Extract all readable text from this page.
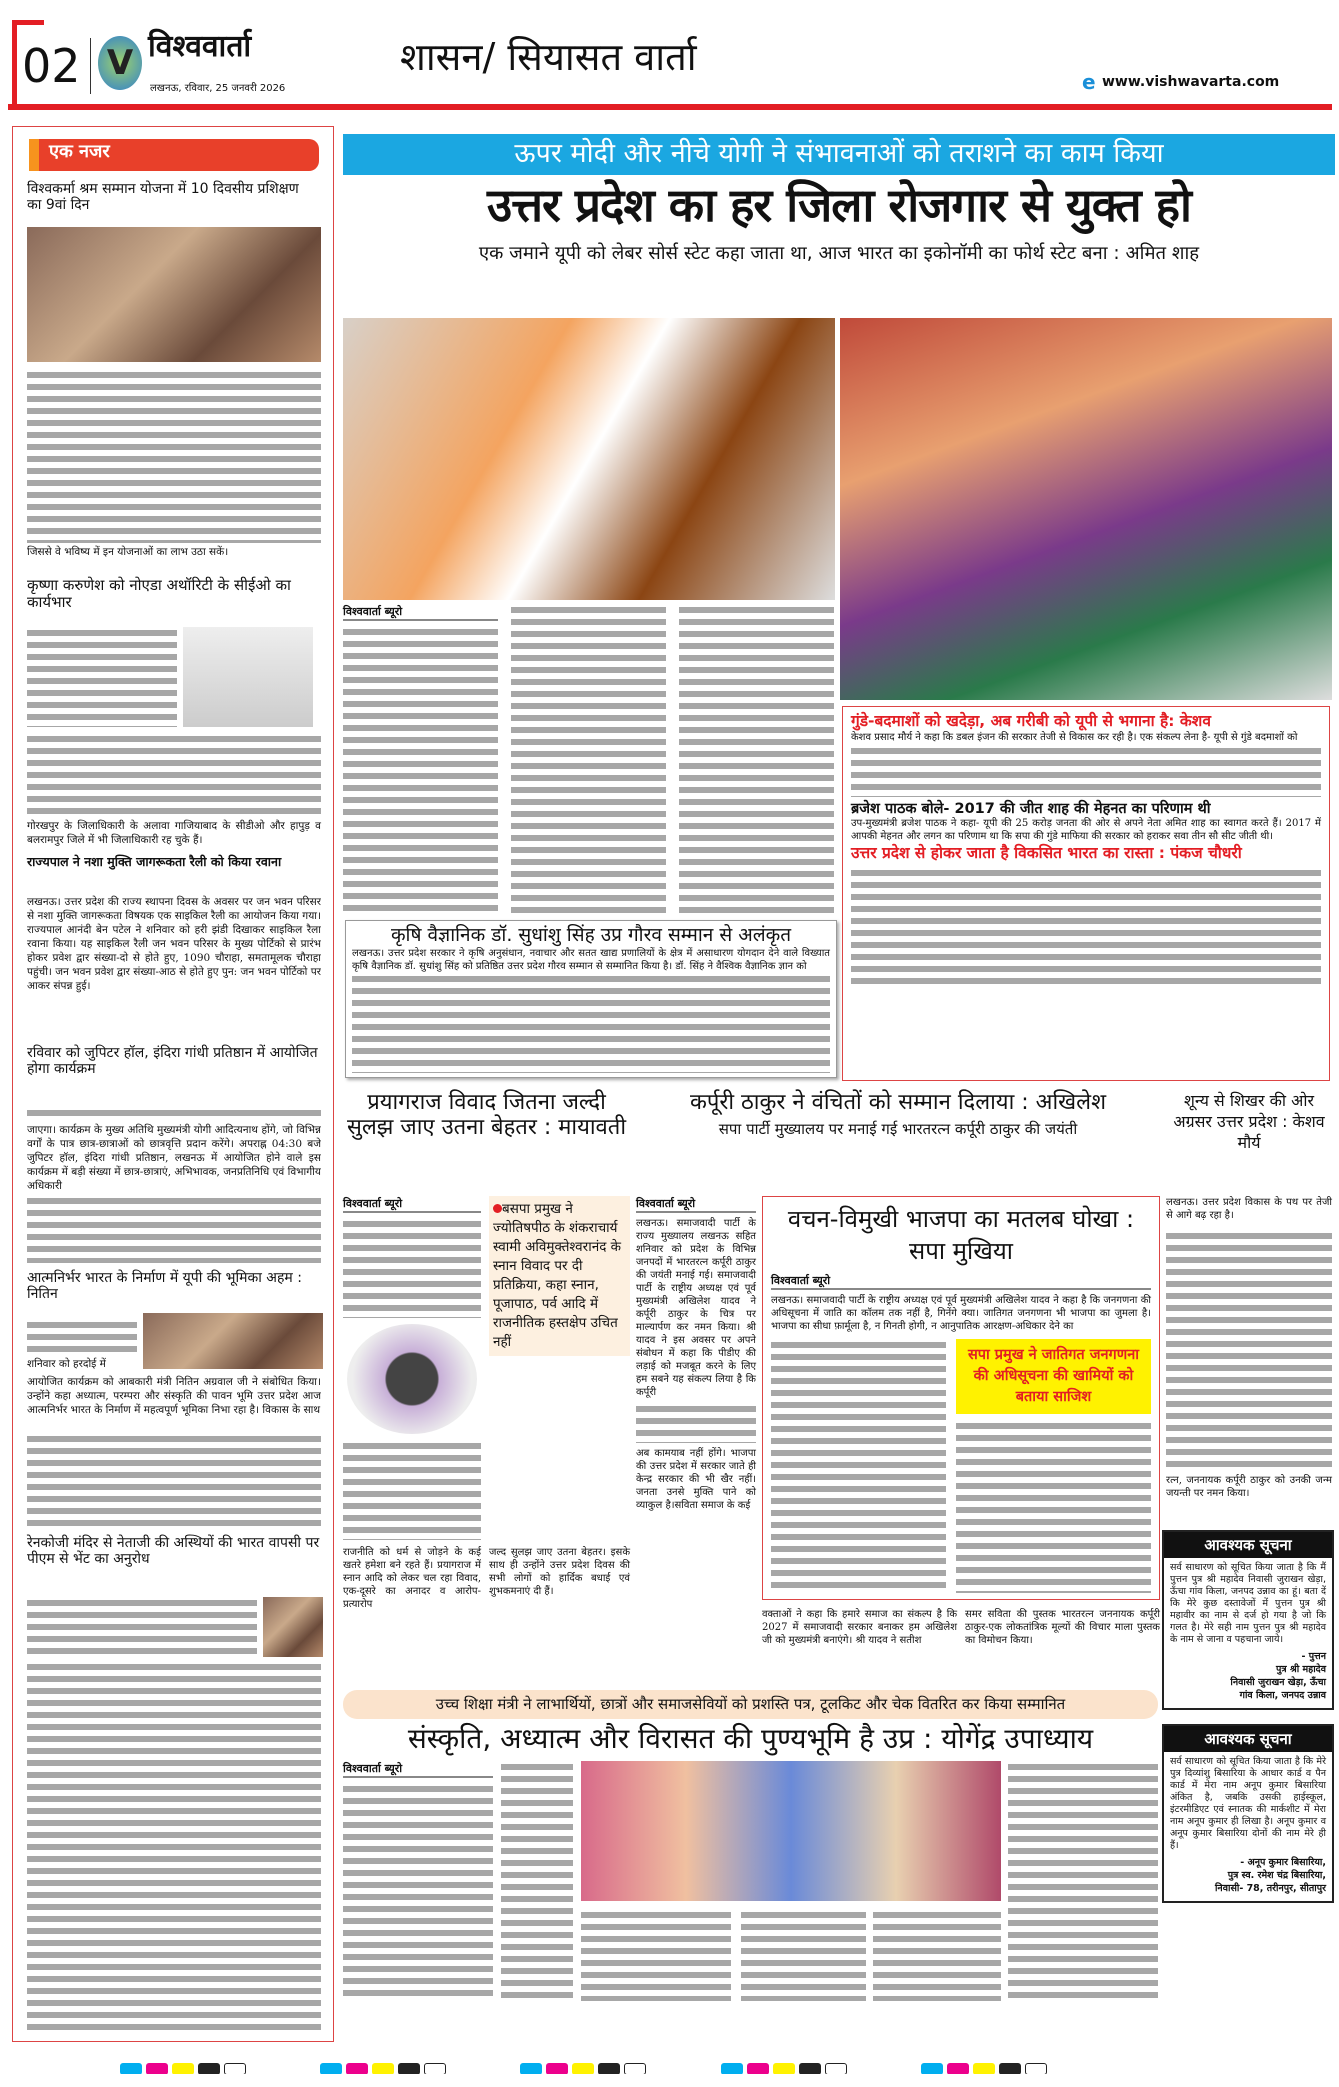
02 V विश्ववार्ता
लखनऊ, रविवार, 25 जनवरी 2026
शासन/ सियासत वार्ता
e www.vishwavarta.com
एक नजर
विश्वकर्मा श्रम सम्मान योजना में 10 दिवसीय प्रशिक्षण का 9वां दिन
जिससे वे भविष्य में इन योजनाओं का लाभ उठा सकें।
कृष्णा करुणेश को नोएडा अथॉरिटी के सीईओ का कार्यभार
गोरखपुर के जिलाधिकारी के अलावा गाजियाबाद के सीडीओ और हापुड़ व बलरामपुर जिले में भी जिलाधिकारी रह चुके हैं।
राज्यपाल ने नशा मुक्ति जागरूकता रैली को किया रवाना
लखनऊ। उत्तर प्रदेश की राज्य स्थापना दिवस के अवसर पर जन भवन परिसर से नशा मुक्ति जागरूकता विषयक एक साइकिल रैली का आयोजन किया गया। राज्यपाल आनंदी बेन पटेल ने शनिवार को हरी झंडी दिखाकर साइकिल रैला रवाना किया। यह साइकिल रैली जन भवन परिसर के मुख्य पोर्टिको से प्रारंभ होकर प्रवेश द्वार संख्या-दो से होते हुए, 1090 चौराहा, समतामूलक चौराहा पहुंची। जन भवन प्रवेश द्वार संख्या-आठ से होते हुए पुन: जन भवन पोर्टिको पर आकर संपन्न हुई।
रविवार को जुपिटर हॉल, इंदिरा गांधी प्रतिष्ठान में आयोजित होगा कार्यक्रम
जाएगा। कार्यक्रम के मुख्य अतिथि मुख्यमंत्री योगी आदित्यनाथ होंगे, जो विभिन्न वर्गों के पात्र छात्र-छात्राओं को छात्रवृत्ति प्रदान करेंगे। अपराह्न 04:30 बजे जुपिटर हॉल, इंदिरा गांधी प्रतिष्ठान, लखनऊ में आयोजित होने वाले इस कार्यक्रम में बड़ी संख्या में छात्र-छात्राएं, अभिभावक, जनप्रतिनिधि एवं विभागीय अधिकारी
आत्मनिर्भर भारत के निर्माण में यूपी की भूमिका अहम : नितिन
शनिवार को हरदोई में
आयोजित कार्यक्रम को आबकारी मंत्री नितिन अग्रवाल जी ने संबोधित किया। उन्होंने कहा अध्यात्म, परम्परा और संस्कृति की पावन भूमि उत्तर प्रदेश आज आत्मनिर्भर भारत के निर्माण में महत्वपूर्ण भूमिका निभा रहा है। विकास के साथ
रेनकोजी मंदिर से नेताजी की अस्थियों की भारत वापसी पर पीएम से भेंट का अनुरोध
ऊपर मोदी और नीचे योगी ने संभावनाओं को तराशने का काम किया
उत्तर प्रदेश का हर जिला रोजगार से युक्त हो
एक जमाने यूपी को लेबर सोर्स स्टेट कहा जाता था, आज भारत का इकोनॉमी का फोर्थ स्टेट बना : अमित शाह
विश्ववार्ता ब्यूरो
गुंडे-बदमाशों को खदेड़ा, अब गरीबी को यूपी से भगाना है: केशव
केशव प्रसाद मौर्य ने कहा कि डबल इंजन की सरकार तेजी से विकास कर रही है। एक संकल्प लेना है- यूपी से गुंडे बदमाशों को
ब्रजेश पाठक बोले- 2017 की जीत शाह की मेहनत का परिणाम थी
उप-मुख्यमंत्री ब्रजेश पाठक ने कहा- यूपी की 25 करोड़ जनता की ओर से अपने नेता अमित शाह का स्वागत करते हैं। 2017 में आपकी मेहनत और लगन का परिणाम था कि सपा की गुंडे माफिया की सरकार को हराकर सवा तीन सौ सीट जीती थी।
उत्तर प्रदेश से होकर जाता है विकसित भारत का रास्ता : पंकज चौधरी
कृषि वैज्ञानिक डॉ. सुधांशु सिंह उप्र गौरव सम्मान से अलंकृत
लखनऊ। उत्तर प्रदेश सरकार ने कृषि अनुसंधान, नवाचार और सतत खाद्य प्रणालियों के क्षेत्र में असाधारण योगदान देने वाले विख्यात कृषि वैज्ञानिक डॉ. सुधांशु सिंह को प्रतिष्ठित उत्तर प्रदेश गौरव सम्मान से सम्मानित किया है। डॉ. सिंह ने वैश्विक वैज्ञानिक ज्ञान को
प्रयागराज विवाद जितना जल्दी सुलझ जाए उतना बेहतर : मायावती
विश्ववार्ता ब्यूरो	बसपा प्रमुख ने ज्योतिषपीठ के शंकराचार्य स्वामी अविमुक्तेश्वरानंद के स्नान विवाद पर दी प्रतिक्रिया, कहा स्नान, पूजापाठ, पर्व आदि में राजनीतिक हस्तक्षेप उचित नहीं
राजनीति को धर्म से जोड़ने के कई खतरे हमेशा बने रहते हैं। प्रयागराज में स्नान आदि को लेकर चल रहा विवाद, एक-दूसरे का अनादर व आरोप-प्रत्यारोप
जल्द सुलझ जाए उतना बेहतर। इसके साथ ही उन्होंने उत्तर प्रदेश दिवस की सभी लोगों को हार्दिक बधाई एवं शुभकमनाएं दी हैं।
कर्पूरी ठाकुर ने वंचितों को सम्मान दिलाया : अखिलेश
सपा पार्टी मुख्यालय पर मनाई गई भारतरत्न कर्पूरी ठाकुर की जयंती
विश्ववार्ता ब्यूरो
लखनऊ। समाजवादी पार्टी के राज्य मुख्यालय लखनऊ सहित शनिवार को प्रदेश के विभिन्न जनपदों में भारतरत्न कर्पूरी ठाकुर की जयंती मनाई गई। समाजवादी पार्टी के राष्ट्रीय अध्यक्ष एवं पूर्व मुख्यमंत्री अखिलेश यादव ने कर्पूरी ठाकुर के चित्र पर माल्यार्पण कर नमन किया। श्री यादव ने इस अवसर पर अपने संबोधन में कहा कि पीडीए की लड़ाई को मजबूत करने के लिए हम सबने यह संकल्प लिया है कि कर्पूरी
अब कामयाब नहीं होंगे। भाजपा की उत्तर प्रदेश में सरकार जाते ही केन्द्र सरकार की भी खैर नहीं। जनता उनसे मुक्ति पाने को व्याकुल है।सविता समाज के कई
वचन-विमुखी भाजपा का मतलब घोखा : सपा मुखिया
विश्ववार्ता ब्यूरो
लखनऊ। समाजवादी पार्टी के राष्ट्रीय अध्यक्ष एवं पूर्व मुख्यमंत्री अखिलेश यादव ने कहा है कि जनगणना की अधिसूचना में जाति का कॉलम तक नहीं है, गिनेंगे क्या। जातिगत जनगणना भी भाजपा का जुमला है। भाजपा का सीधा फ़ार्मूला है, न गिनती होगी, न आनुपातिक आरक्षण-अधिकार देने का
सपा प्रमुख ने जातिगत जनगणना की अधिसूचना की खामियों को बताया साजिश
वक्ताओं ने कहा कि हमारे समाज का संकल्प है कि 2027 में समाजवादी सरकार बनाकर हम अखिलेश जी को मुख्यमंत्री बनाएंगे। श्री यादव ने सतीश
समर सविता की पुस्तक भारतरत्न जननायक कर्पूरी ठाकुर-एक लोकतांत्रिक मूल्यों की विचार माला पुस्तक का विमोचन किया।
शून्य से शिखर की ओर अग्रसर उत्तर प्रदेश : केशव मौर्य
लखनऊ। उत्तर प्रदेश विकास के पथ पर तेजी से आगे बढ़ रहा है।
रत्न, जननायक कर्पूरी ठाकुर को उनकी जन्म जयन्ती पर नमन किया।
आवश्यक सूचना

सर्व साधारण को सूचित किया जाता है कि मैं पुत्तन पुत्र श्री महादेव निवासी जुराखन खेड़ा, ऊँचा गांव किला, जनपद उन्नाव का हूं। बता दें कि मेरे कुछ दस्तावेजों में पुत्तन पुत्र श्री महावीर का नाम से दर्ज हो गया है जो कि गलत है। मेरे सही नाम पुत्तन पुत्र श्री महादेव के नाम से जाना व पहचाना जाये।

- पुत्तन
पुत्र श्री महादेव
निवासी जुराखन खेड़ा, ऊँचा
गांव किला, जनपद उन्नाव
आवश्यक सूचना

सर्व साधारण को सूचित किया जाता है कि मेरे पुत्र दिव्यांशु बिसारिया के आधार कार्ड व पैन कार्ड में मेरा नाम अनूप कुमार बिसारिया अंकित है, जबकि उसकी हाईस्कूल, इंटरमीडिएट एवं स्नातक की मार्कशीट में मेरा नाम अनूप कुमार ही लिखा है। अनूप कुमार व अनूप कुमार बिसारिया दोनों की नाम मेरे ही हैं।

- अनूप कुमार बिसारिया,
पुत्र स्व. रमेश चंद्र बिसारिया,
निवासी- 78, तरीनपुर, सीतापुर
उच्च शिक्षा मंत्री ने लाभार्थियों, छात्रों और समाजसेवियों को प्रशस्ति पत्र, टूलकिट और चेक वितरित कर किया सम्मानित
संस्कृति, अध्यात्म और विरासत की पुण्यभूमि है उप्र : योगेंद्र उपाध्याय
विश्ववार्ता ब्यूरो
